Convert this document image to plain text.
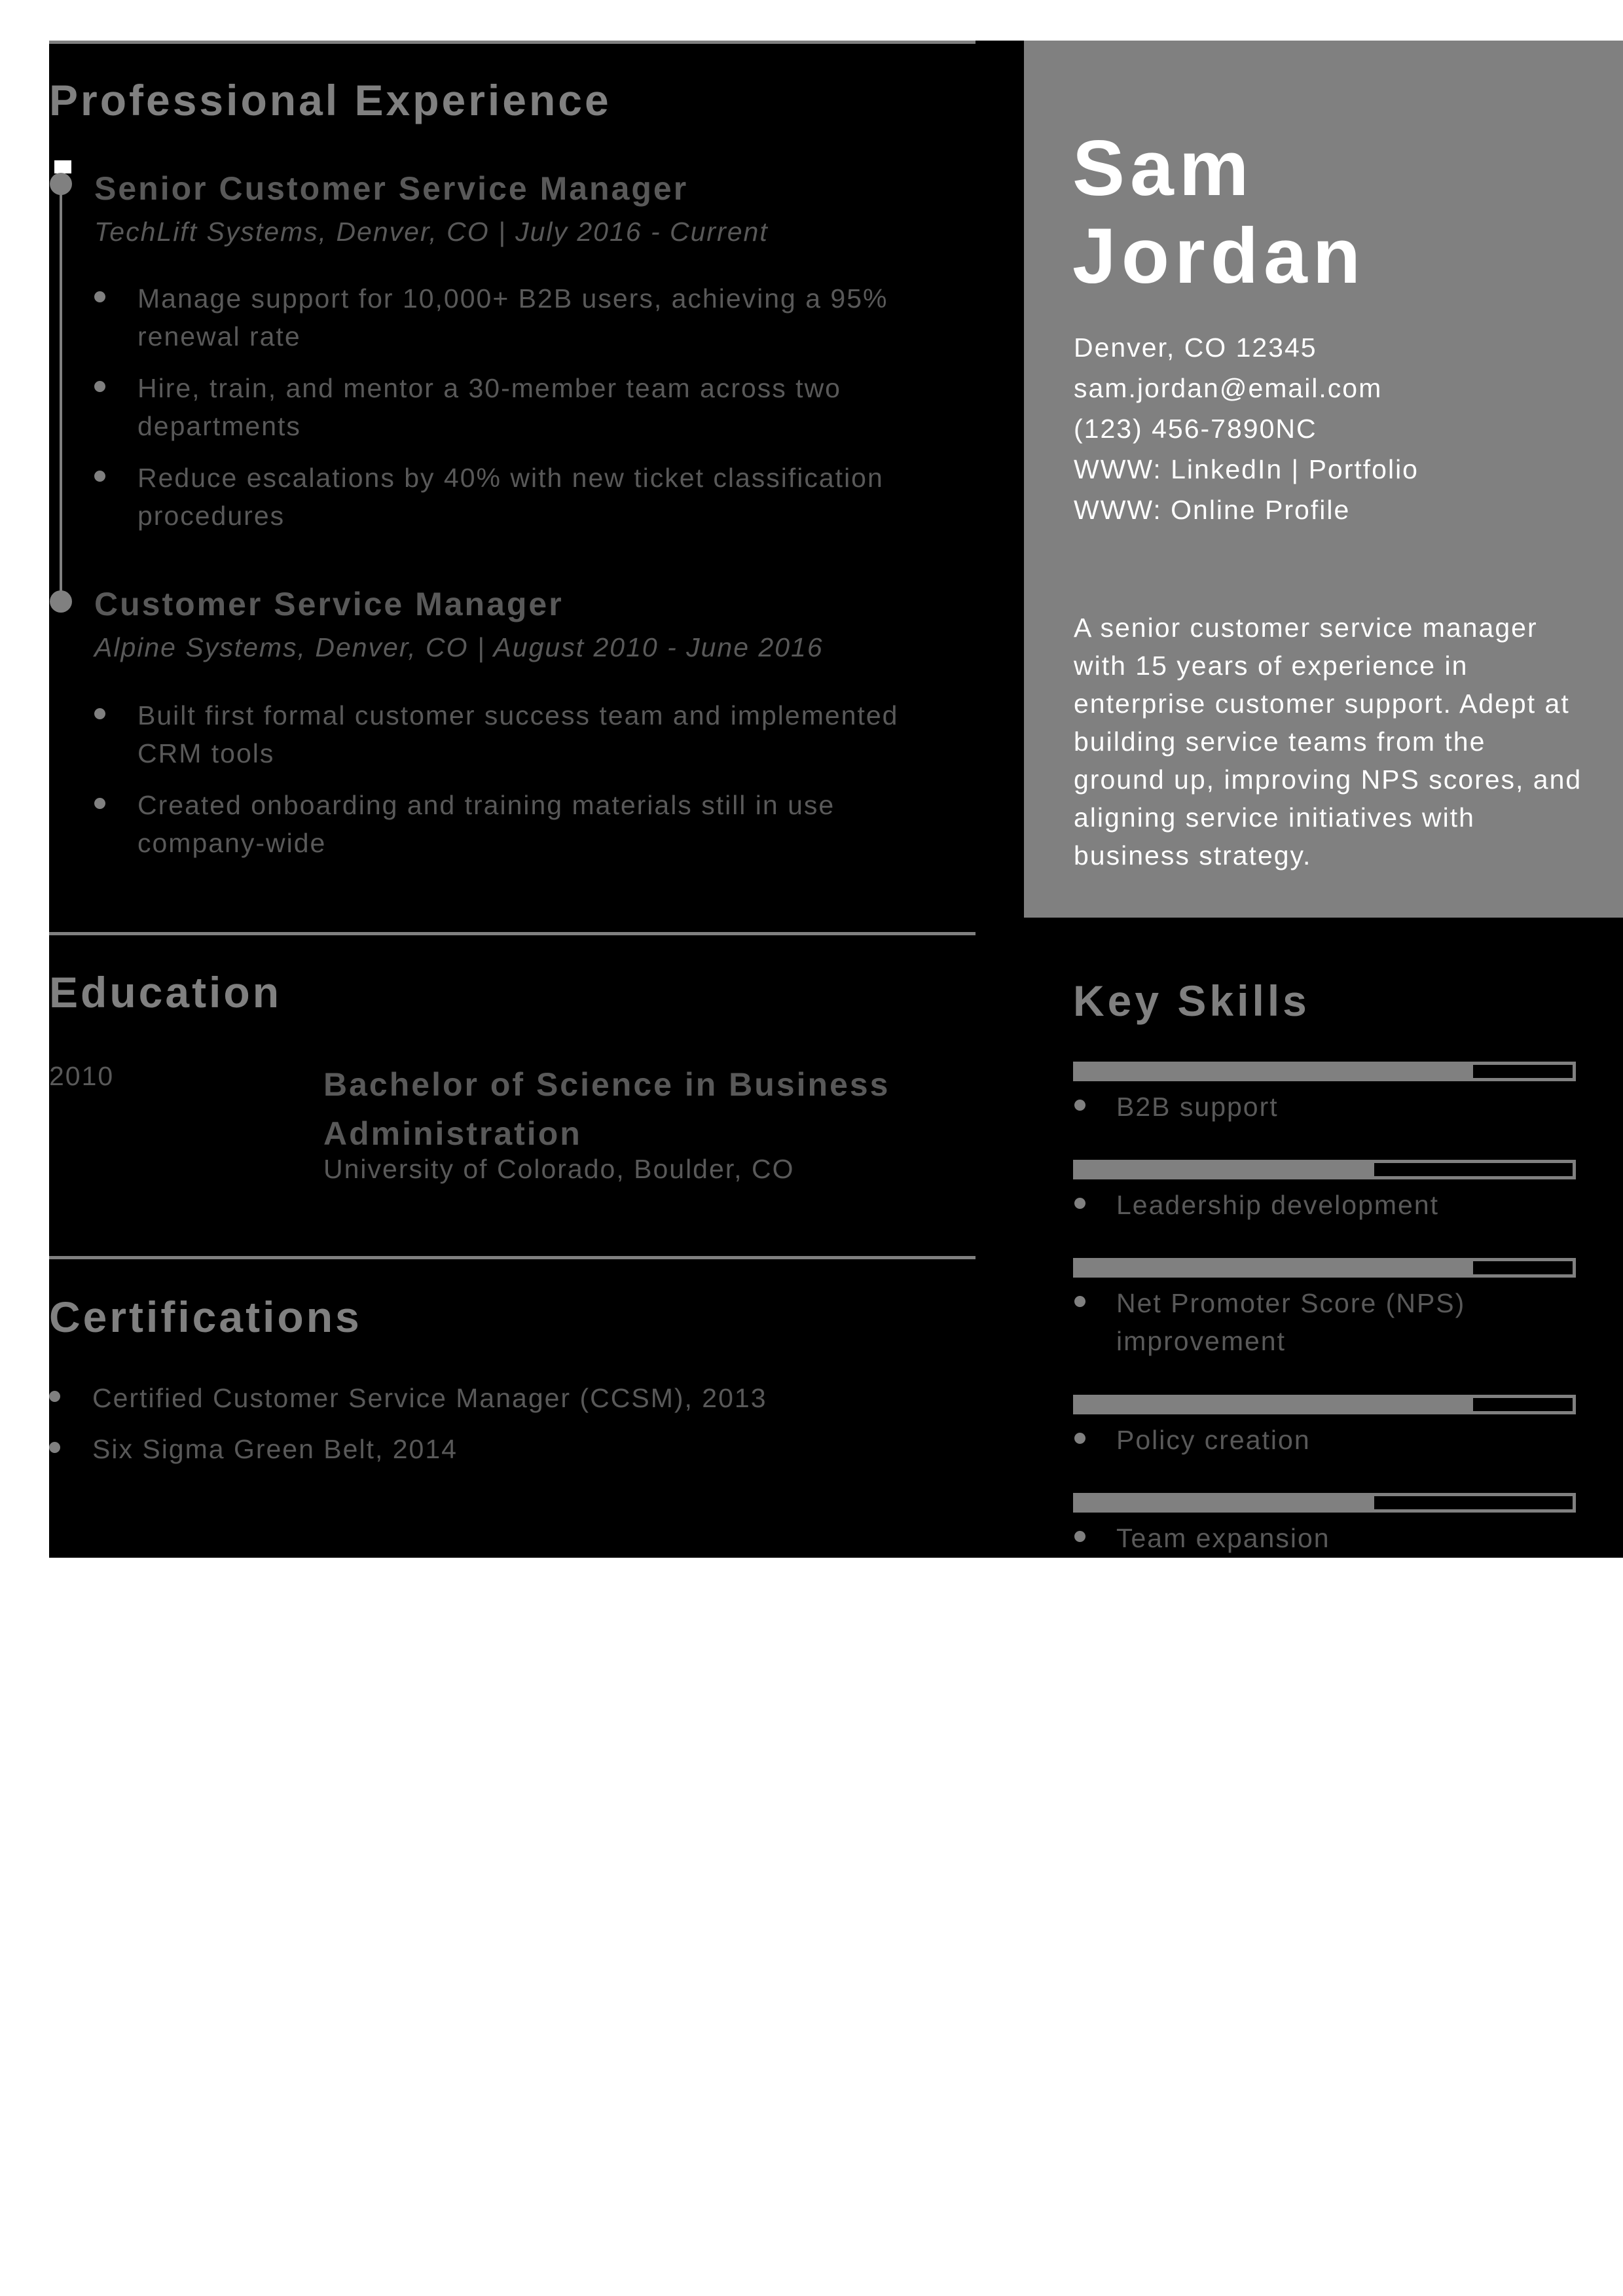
Professional Experience
Senior Customer Service Manager
TechLift Systems, Denver, CO | July 2016 - Current
Manage support for 10,000+ B2B users, achieving a 95% renewal rate
Hire, train, and mentor a 30-member team across two departments
Reduce escalations by 40% with new ticket classification procedures
Customer Service Manager
Alpine Systems, Denver, CO | August 2010 - June 2016
Built first formal customer success team and implemented CRM tools
Created onboarding and training materials still in use company-wide
Education
2010	Bachelor of Science in Business Administration
University of Colorado, Boulder, CO
Certifications
Certified Customer Service Manager (CCSM), 2013
Six Sigma Green Belt, 2014
Sam
Jordan
Denver, CO 12345
sam.jordan@email.com
(123) 456-7890NC
WWW: LinkedIn | Portfolio
WWW: Online Profile

A senior customer service manager with 15 years of experience in enterprise customer support. Adept at building service teams from the ground up, improving NPS scores, and aligning service initiatives with business strategy.

Key Skills
B2B support
Leadership development
Net Promoter Score (NPS) improvement
Policy creation
Team expansion
